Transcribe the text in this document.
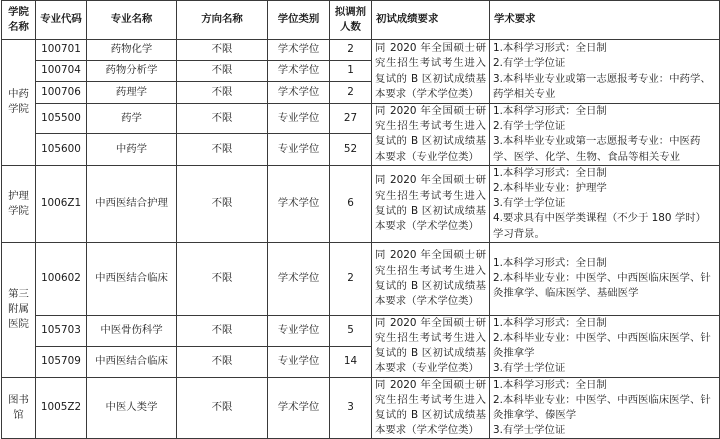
学院名称	专业代码	专业名称	方向名称	学位类别	拟调剂人数	初试成绩要求	学术要求
中药学院	100701	药物化学	不限	学术学位	2	同 2020 年全国硕士研究生招生考试考生进入复试的 B 区初试成绩基本要求（学术学位类）	1.本科学习形式：全日制
2.有学士学位证
3.本科毕业专业或第一志愿报考专业：中药学、药学相关专业

	100704	药物分析学	不限	学术学位	1		
	100706	药理学	不限	学术学位	2		
	105500	药学	不限	专业学位	27	同 2020 年全国硕士研究生招生考试考生进入复试的 B 区初试成绩基本要求（专业学位类）	1.本科学习形式：全日制
2.有学士学位证
3.本科毕业专业或第一志愿报考专业：中医药学、医学、化学、生物、食品等相关专业

	105600	中药学	不限	专业学位	52		
护理学院	1006Z1	中西医结合护理	不限	学术学位	6	同 2020 年全国硕士研究生招生考试考生进入复试的 B 区初试成绩基本要求（学术学位类）	1.本科学习形式：全日制
2.本科毕业专业：护理学
3.有学士学位证
4.要求具有中医学类课程（不少于 180 学时）学习背景。

第三附属医院	100602	中西医结合临床	不限	学术学位	2	同 2020 年全国硕士研究生招生考试考生进入复试的 B 区初试成绩基本要求（学术学位类）	1.本科学习形式：全日制
2.本科毕业专业：中医学、中西医临床医学、针灸推拿学、临床医学、基础医学

	105703	中医骨伤科学	不限	专业学位	5	同 2020 年全国硕士研究生招生考试考生进入复试的 B 区初试成绩基本要求（专业学位类）	1.本科学习形式：全日制
2.本科毕业专业：中医学、中西医临床医学、针灸推拿学
3.有学士学位证

	105709	中西医结合临床	不限	专业学位	14		
图书馆	1005Z2	中医人类学	不限	学术学位	3	同 2020 年全国硕士研究生招生考试考生进入复试的 B 区初试成绩基本要求（学术学位类）	1.本科学习形式：全日制
2.本科毕业专业：中医学、中西医临床医学、针灸推拿学、傣医学
3.有学士学位证
